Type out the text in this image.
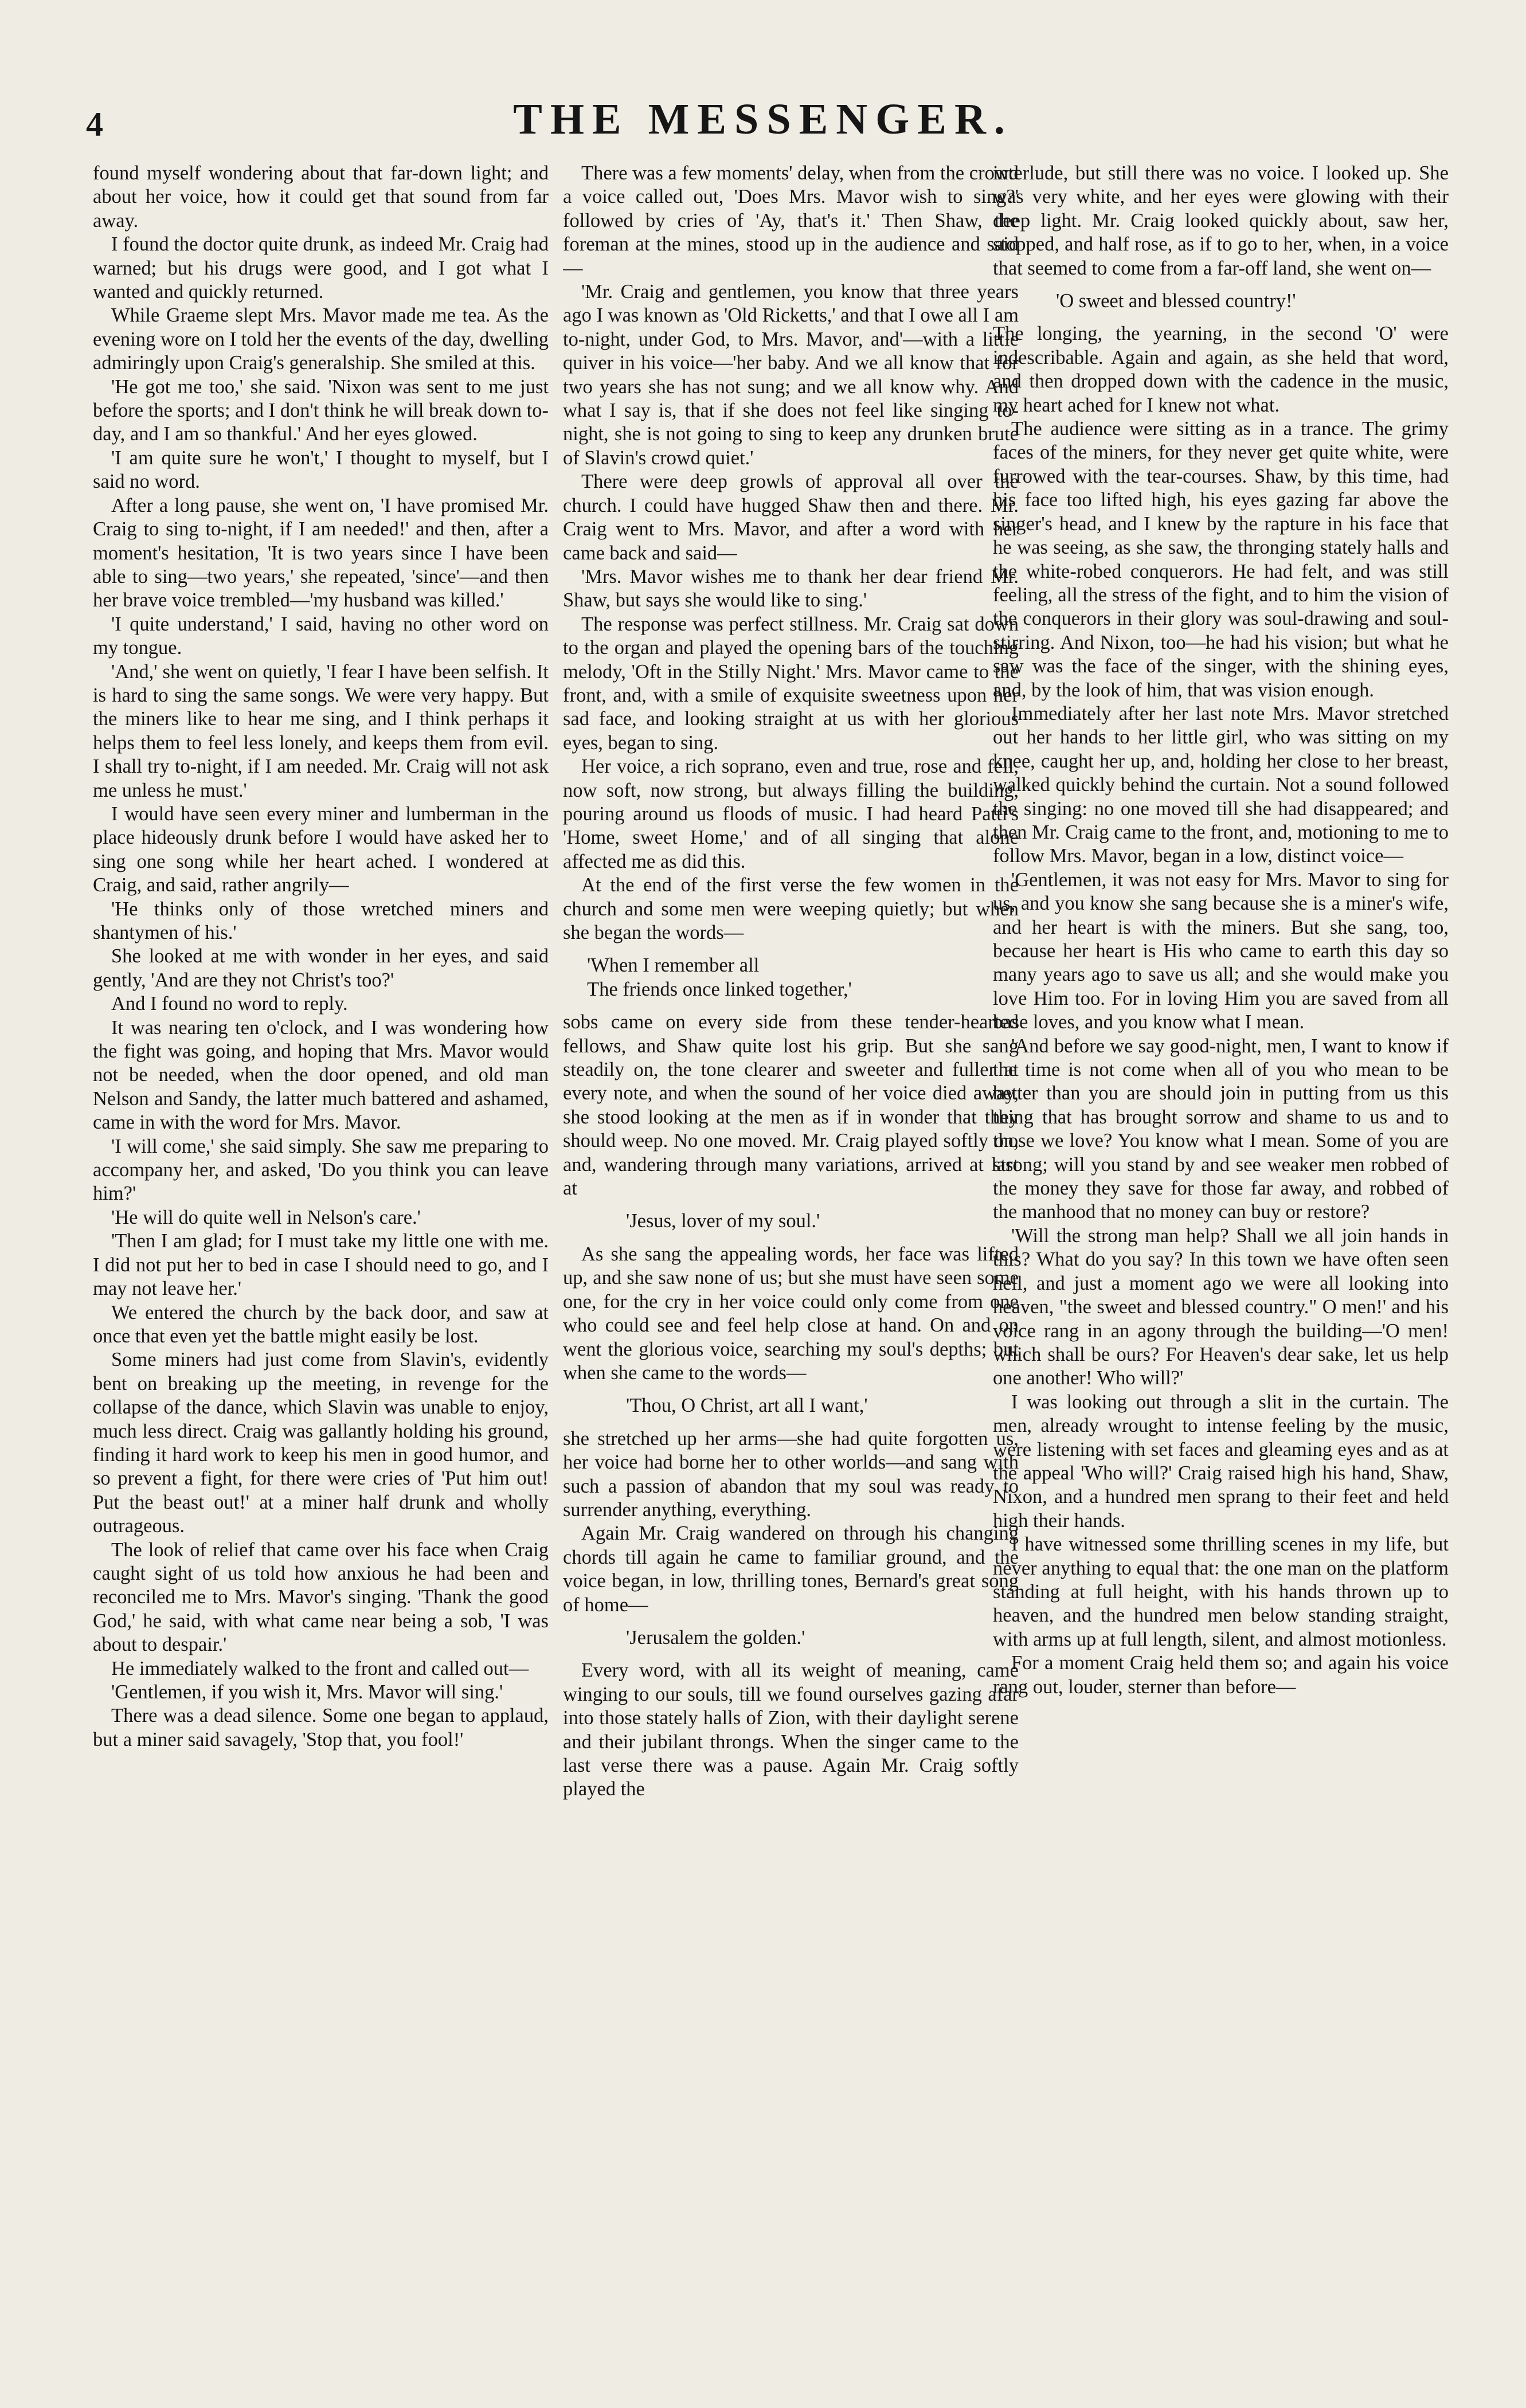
THE MESSENGER.
4

found myself wondering about that far-down light; and about her voice, how it could get that sound from far away.

I found the doctor quite drunk, as indeed Mr. Craig had warned; but his drugs were good, and I got what I wanted and quickly returned.

While Graeme slept Mrs. Mavor made me tea. As the evening wore on I told her the events of the day, dwelling admiringly upon Craig's generalship. She smiled at this.

'He got me too,' she said. 'Nixon was sent to me just before the sports; and I don't think he will break down to-day, and I am so thankful.' And her eyes glowed.

'I am quite sure he won't,' I thought to myself, but I said no word.

After a long pause, she went on, 'I have promised Mr. Craig to sing to-night, if I am needed!' and then, after a moment's hesitation, 'It is two years since I have been able to sing—two years,' she repeated, 'since'—and then her brave voice trembled—'my husband was killed.'

'I quite understand,' I said, having no other word on my tongue.

'And,' she went on quietly, 'I fear I have been selfish. It is hard to sing the same songs. We were very happy. But the miners like to hear me sing, and I think perhaps it helps them to feel less lonely, and keeps them from evil. I shall try to-night, if I am needed. Mr. Craig will not ask me unless he must.'

I would have seen every miner and lumberman in the place hideously drunk before I would have asked her to sing one song while her heart ached. I wondered at Craig, and said, rather angrily—

'He thinks only of those wretched miners and shantymen of his.'

She looked at me with wonder in her eyes, and said gently, 'And are they not Christ's too?'

And I found no word to reply.

It was nearing ten o'clock, and I was wondering how the fight was going, and hoping that Mrs. Mavor would not be needed, when the door opened, and old man Nelson and Sandy, the latter much battered and ashamed, came in with the word for Mrs. Mavor.

'I will come,' she said simply. She saw me preparing to accompany her, and asked, 'Do you think you can leave him?'

'He will do quite well in Nelson's care.'

'Then I am glad; for I must take my little one with me. I did not put her to bed in case I should need to go, and I may not leave her.'

We entered the church by the back door, and saw at once that even yet the battle might easily be lost.

Some miners had just come from Slavin's, evidently bent on breaking up the meeting, in revenge for the collapse of the dance, which Slavin was unable to enjoy, much less direct. Craig was gallantly holding his ground, finding it hard work to keep his men in good humor, and so prevent a fight, for there were cries of 'Put him out! Put the beast out!' at a miner half drunk and wholly outrageous.

The look of relief that came over his face when Craig caught sight of us told how anxious he had been and reconciled me to Mrs. Mavor's singing. 'Thank the good God,' he said, with what came near being a sob, 'I was about to despair.'

He immediately walked to the front and called out—

'Gentlemen, if you wish it, Mrs. Mavor will sing.'

There was a dead silence. Some one began to applaud, but a miner said savagely, 'Stop that, you fool!'

There was a few moments' delay, when from the crowd a voice called out, 'Does Mrs. Mavor wish to sing?' followed by cries of 'Ay, that's it.' Then Shaw, the foreman at the mines, stood up in the audience and said—

'Mr. Craig and gentlemen, you know that three years ago I was known as 'Old Ricketts,' and that I owe all I am to-night, under God, to Mrs. Mavor, and'—with a little quiver in his voice—'her baby. And we all know that for two years she has not sung; and we all know why. And what I say is, that if she does not feel like singing to-night, she is not going to sing to keep any drunken brute of Slavin's crowd quiet.'

There were deep growls of approval all over the church. I could have hugged Shaw then and there. Mr. Craig went to Mrs. Mavor, and after a word with her came back and said—

'Mrs. Mavor wishes me to thank her dear friend Mr. Shaw, but says she would like to sing.'

The response was perfect stillness. Mr. Craig sat down to the organ and played the opening bars of the touching melody, 'Oft in the Stilly Night.' Mrs. Mavor came to the front, and, with a smile of exquisite sweetness upon her sad face, and looking straight at us with her glorious eyes, began to sing.

Her voice, a rich soprano, even and true, rose and fell, now soft, now strong, but always filling the building, pouring around us floods of music. I had heard Patti's 'Home, sweet Home,' and of all singing that alone affected me as did this.

At the end of the first verse the few women in the church and some men were weeping quietly; but when she began the words—

'When I remember all
The friends once linked together,'

sobs came on every side from these tender-hearted fellows, and Shaw quite lost his grip. But she sang steadily on, the tone clearer and sweeter and fuller at every note, and when the sound of her voice died away, she stood looking at the men as if in wonder that they should weep. No one moved. Mr. Craig played softly on, and, wandering through many variations, arrived at last at

'Jesus, lover of my soul.'

As she sang the appealing words, her face was lifted up, and she saw none of us; but she must have seen some one, for the cry in her voice could only come from one who could see and feel help close at hand. On and on went the glorious voice, searching my soul's depths; but when she came to the words—

'Thou, O Christ, art all I want,'

she stretched up her arms—she had quite forgotten us, her voice had borne her to other worlds—and sang with such a passion of abandon that my soul was ready to surrender anything, everything.

Again Mr. Craig wandered on through his changing chords till again he came to familiar ground, and the voice began, in low, thrilling tones, Bernard's great song of home—

'Jerusalem the golden.'

Every word, with all its weight of meaning, came winging to our souls, till we found ourselves gazing afar into those stately halls of Zion, with their daylight serene and their jubilant throngs. When the singer came to the last verse there was a pause. Again Mr. Craig softly played the

interlude, but still there was no voice. I looked up. She was very white, and her eyes were glowing with their deep light. Mr. Craig looked quickly about, saw her, stopped, and half rose, as if to go to her, when, in a voice that seemed to come from a far-off land, she went on—

'O sweet and blessed country!'

The longing, the yearning, in the second 'O' were indescribable. Again and again, as she held that word, and then dropped down with the cadence in the music, my heart ached for I knew not what.

The audience were sitting as in a trance. The grimy faces of the miners, for they never get quite white, were furrowed with the tear-courses. Shaw, by this time, had his face too lifted high, his eyes gazing far above the singer's head, and I knew by the rapture in his face that he was seeing, as she saw, the thronging stately halls and the white-robed conquerors. He had felt, and was still feeling, all the stress of the fight, and to him the vision of the conquerors in their glory was soul-drawing and soul-stirring. And Nixon, too—he had his vision; but what he saw was the face of the singer, with the shining eyes, and, by the look of him, that was vision enough.

Immediately after her last note Mrs. Mavor stretched out her hands to her little girl, who was sitting on my knee, caught her up, and, holding her close to her breast, walked quickly behind the curtain. Not a sound followed the singing: no one moved till she had disappeared; and then Mr. Craig came to the front, and, motioning to me to follow Mrs. Mavor, began in a low, distinct voice—

'Gentlemen, it was not easy for Mrs. Mavor to sing for us, and you know she sang because she is a miner's wife, and her heart is with the miners. But she sang, too, because her heart is His who came to earth this day so many years ago to save us all; and she would make you love Him too. For in loving Him you are saved from all base loves, and you know what I mean.

'And before we say good-night, men, I want to know if the time is not come when all of you who mean to be better than you are should join in putting from us this thing that has brought sorrow and shame to us and to those we love? You know what I mean. Some of you are strong; will you stand by and see weaker men robbed of the money they save for those far away, and robbed of the manhood that no money can buy or restore?

'Will the strong man help? Shall we all join hands in this? What do you say? In this town we have often seen hell, and just a moment ago we were all looking into heaven, "the sweet and blessed country." O men!' and his voice rang in an agony through the building—'O men! which shall be ours? For Heaven's dear sake, let us help one another! Who will?'

I was looking out through a slit in the curtain. The men, already wrought to intense feeling by the music, were listening with set faces and gleaming eyes and as at the appeal 'Who will?' Craig raised high his hand, Shaw, Nixon, and a hundred men sprang to their feet and held high their hands.

I have witnessed some thrilling scenes in my life, but never anything to equal that: the one man on the platform standing at full height, with his hands thrown up to heaven, and the hundred men below standing straight, with arms up at full length, silent, and almost motionless.

For a moment Craig held them so; and again his voice rang out, louder, sterner than before—
